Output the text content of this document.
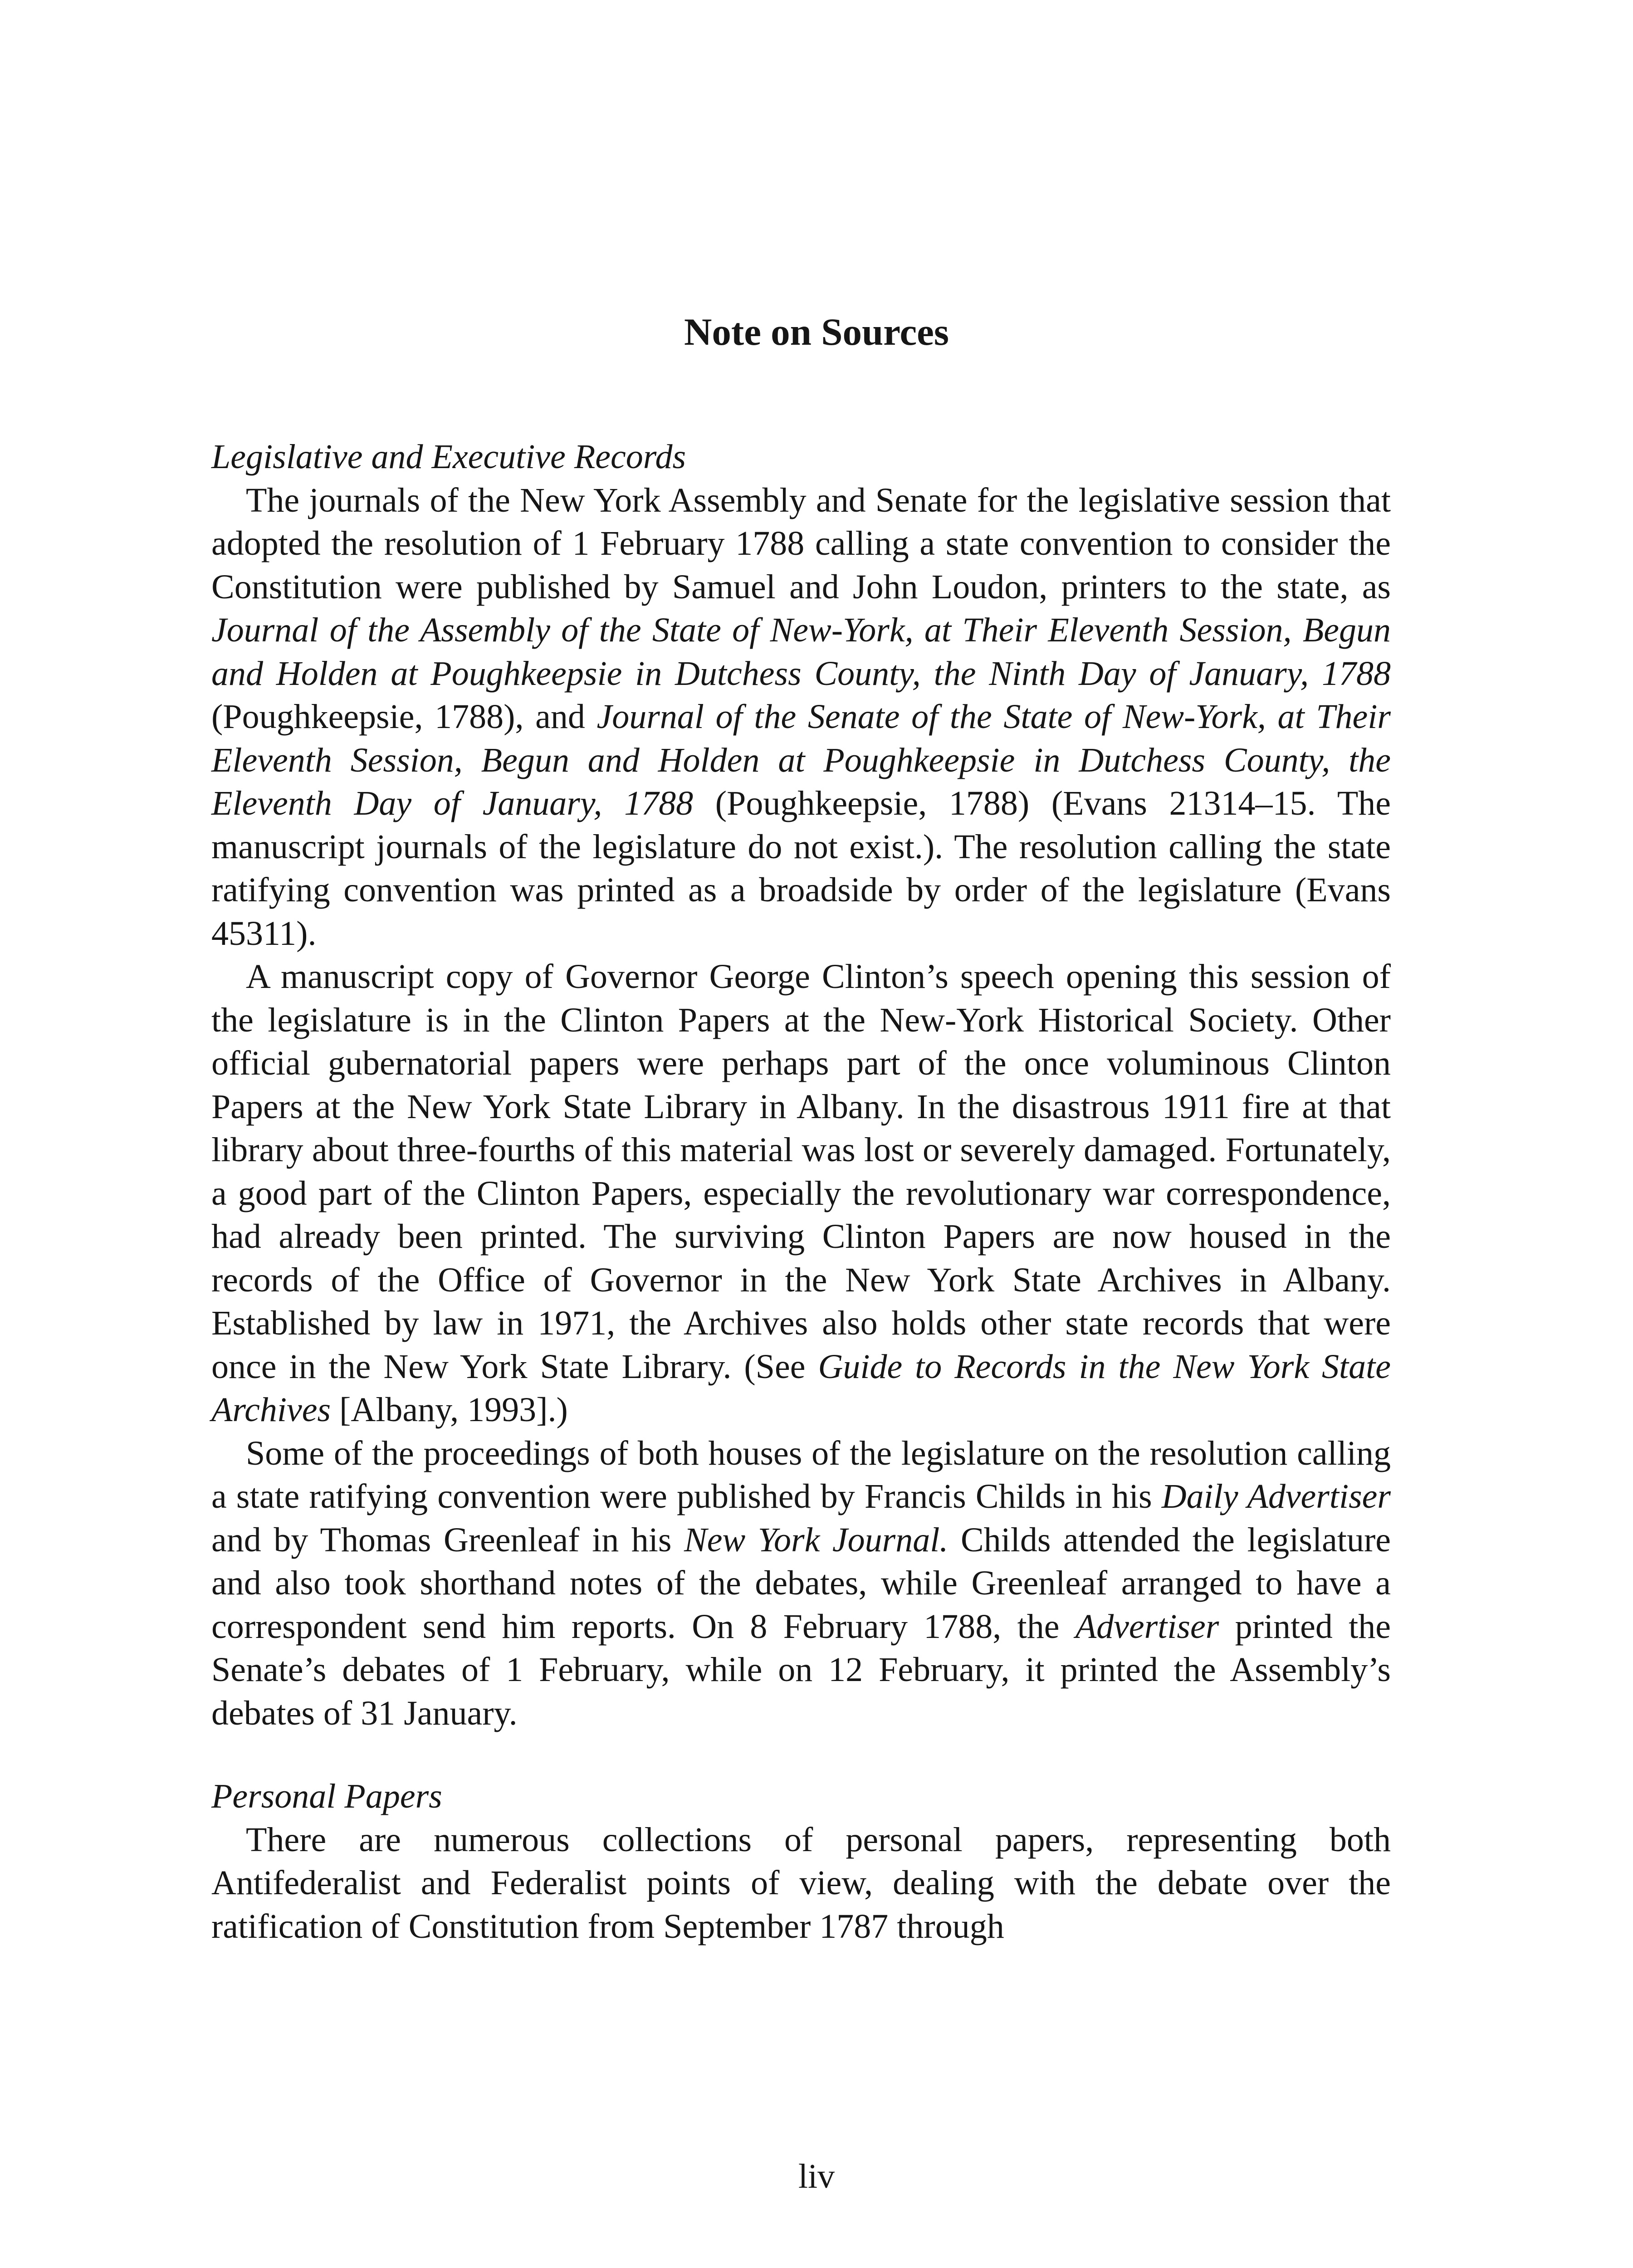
Note on Sources

Legislative and Executive Records

The journals of the New York Assembly and Senate for the legislative session that adopted the resolution of 1 February 1788 calling a state convention to consider the Constitution were published by Samuel and John Loudon, printers to the state, as Journal of the Assembly of the State of New-York, at Their Eleventh Session, Begun and Holden at Poughkeepsie in Dutchess County, the Ninth Day of January, 1788 (Poughkeepsie, 1788), and Journal of the Senate of the State of New-York, at Their Eleventh Session, Begun and Holden at Poughkeepsie in Dutchess County, the Eleventh Day of January, 1788 (Poughkeepsie, 1788) (Evans 21314–15. The manuscript journals of the legislature do not exist.). The resolution calling the state ratifying convention was printed as a broadside by order of the legislature (Evans 45311).

A manuscript copy of Governor George Clinton’s speech opening this session of the legislature is in the Clinton Papers at the New-York Historical Society. Other official gubernatorial papers were perhaps part of the once voluminous Clinton Papers at the New York State Library in Albany. In the disastrous 1911 fire at that library about three-fourths of this material was lost or severely damaged. Fortunately, a good part of the Clinton Papers, especially the revolutionary war correspondence, had already been printed. The surviving Clinton Papers are now housed in the records of the Office of Governor in the New York State Archives in Albany. Established by law in 1971, the Archives also holds other state records that were once in the New York State Library. (See Guide to Records in the New York State Archives [Albany, 1993].)

Some of the proceedings of both houses of the legislature on the resolution calling a state ratifying convention were published by Francis Childs in his Daily Advertiser and by Thomas Greenleaf in his New York Journal. Childs attended the legislature and also took shorthand notes of the debates, while Greenleaf arranged to have a correspondent send him reports. On 8 February 1788, the Advertiser printed the Senate’s debates of 1 February, while on 12 February, it printed the Assembly’s debates of 31 January.

Personal Papers

There are numerous collections of personal papers, representing both Antifederalist and Federalist points of view, dealing with the debate over the ratification of Constitution from September 1787 through

liv
